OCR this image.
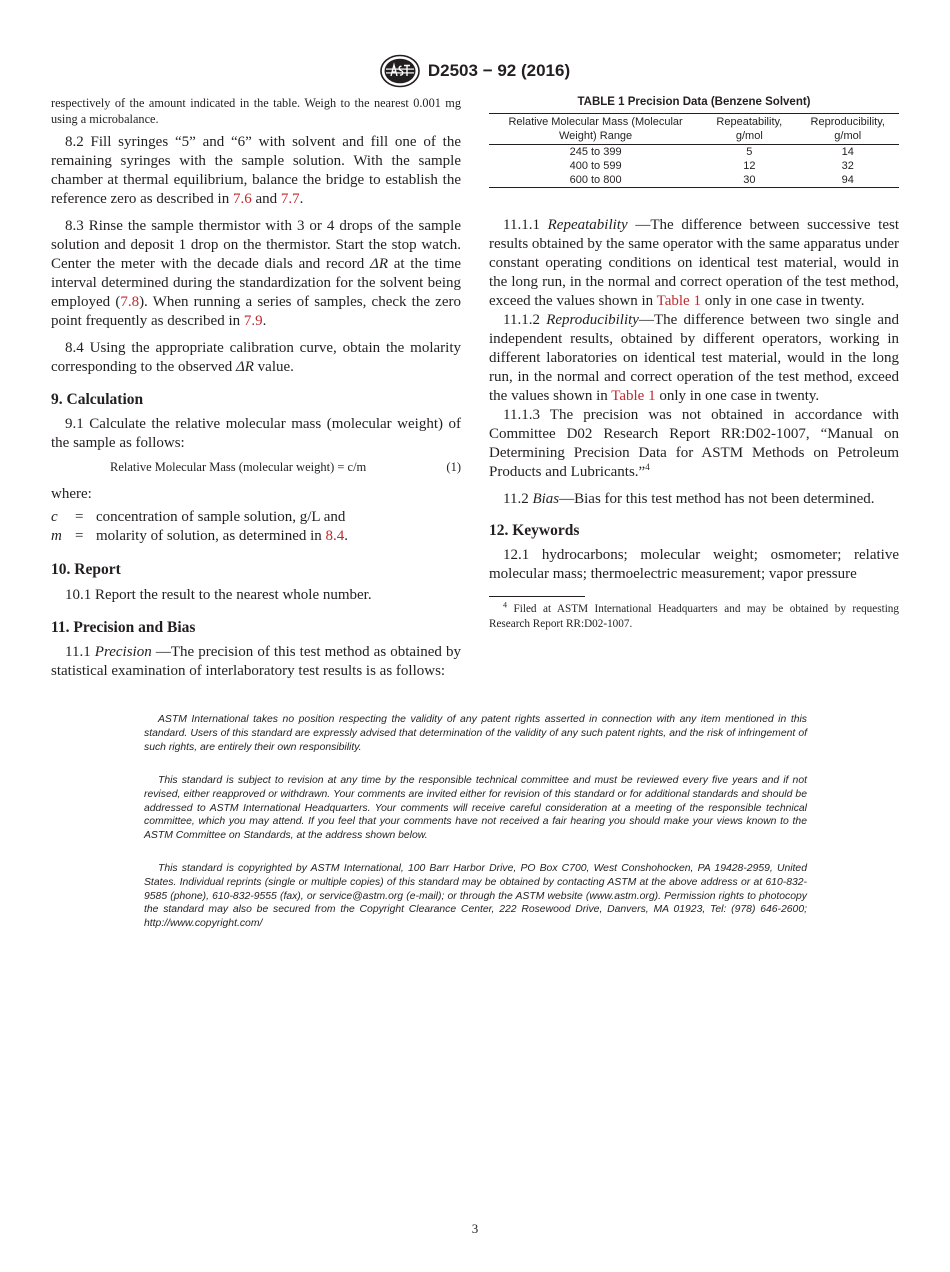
D2503 − 92 (2016)

respectively of the amount indicated in the table. Weigh to the nearest 0.001 mg using a microbalance.

8.2 Fill syringes “5” and “6” with solvent and fill one of the remaining syringes with the sample solution. With the sample chamber at thermal equilibrium, balance the bridge to establish the reference zero as described in 7.6 and 7.7.

8.3 Rinse the sample thermistor with 3 or 4 drops of the sample solution and deposit 1 drop on the thermistor. Start the stop watch. Center the meter with the decade dials and record ΔR at the time interval determined during the standardization for the solvent being employed (7.8). When running a series of samples, check the zero point frequently as described in 7.9.

8.4 Using the appropriate calibration curve, obtain the molarity corresponding to the observed ΔR value.

9. Calculation

9.1 Calculate the relative molecular mass (molecular weight) of the sample as follows:

Relative Molecular Mass (molecular weight) = c/m	(1)

where:

c	= concentration of sample solution, g/L and
m = molarity of solution, as determined in 8.4.
10. Report

10.1 Report the result to the nearest whole number.

11. Precision and Bias

11.1 Precision —The precision of this test method as obtained by statistical examination of interlaboratory test results is as follows:

TABLE 1 Precision Data (Benzene Solvent)
Relative Molecular Mass (Molecular Weight) Range	Repeatability, g/mol	Reproducibility, g/mol
245 to 399	5	14
400 to 599	12	32
600 to 800	30	94

11.1.1 Repeatability —The difference between successive test results obtained by the same operator with the same apparatus under constant operating conditions on identical test material, would in the long run, in the normal and correct operation of the test method, exceed the values shown in Table 1 only in one case in twenty.

11.1.2 Reproducibility—The difference between two single and independent results, obtained by different operators, working in different laboratories on identical test material, would in the long run, in the normal and correct operation of the test method, exceed the values shown in Table 1 only in one case in twenty.

11.1.3 The precision was not obtained in accordance with Committee D02 Research Report RR:D02-1007, “Manual on Determining Precision Data for ASTM Methods on Petroleum Products and Lubricants.”$^4$

11.2 Bias—Bias for this test method has not been determined.

12. Keywords

12.1 hydrocarbons; molecular weight; osmometer; relative molecular mass; thermoelectric measurement; vapor pressure

$^4$ Filed at ASTM International Headquarters and may be obtained by requesting Research Report RR:D02-1007.

ASTM International takes no position respecting the validity of any patent rights asserted in connection with any item mentioned in this standard. Users of this standard are expressly advised that determination of the validity of any such patent rights, and the risk of infringement of such rights, are entirely their own responsibility.
This standard is subject to revision at any time by the responsible technical committee and must be reviewed every five years and if not revised, either reapproved or withdrawn. Your comments are invited either for revision of this standard or for additional standards and should be addressed to ASTM International Headquarters. Your comments will receive careful consideration at a meeting of the responsible technical committee, which you may attend. If you feel that your comments have not received a fair hearing you should make your views known to the ASTM Committee on Standards, at the address shown below.
This standard is copyrighted by ASTM International, 100 Barr Harbor Drive, PO Box C700, West Conshohocken, PA 19428-2959, United States. Individual reprints (single or multiple copies) of this standard may be obtained by contacting ASTM at the above address or at 610-832-9585 (phone), 610-832-9555 (fax), or service@astm.org (e-mail); or through the ASTM website (www.astm.org). Permission rights to photocopy the standard may also be secured from the Copyright Clearance Center, 222 Rosewood Drive, Danvers, MA 01923, Tel: (978) 646-2600; http://www.copyright.com/
3
